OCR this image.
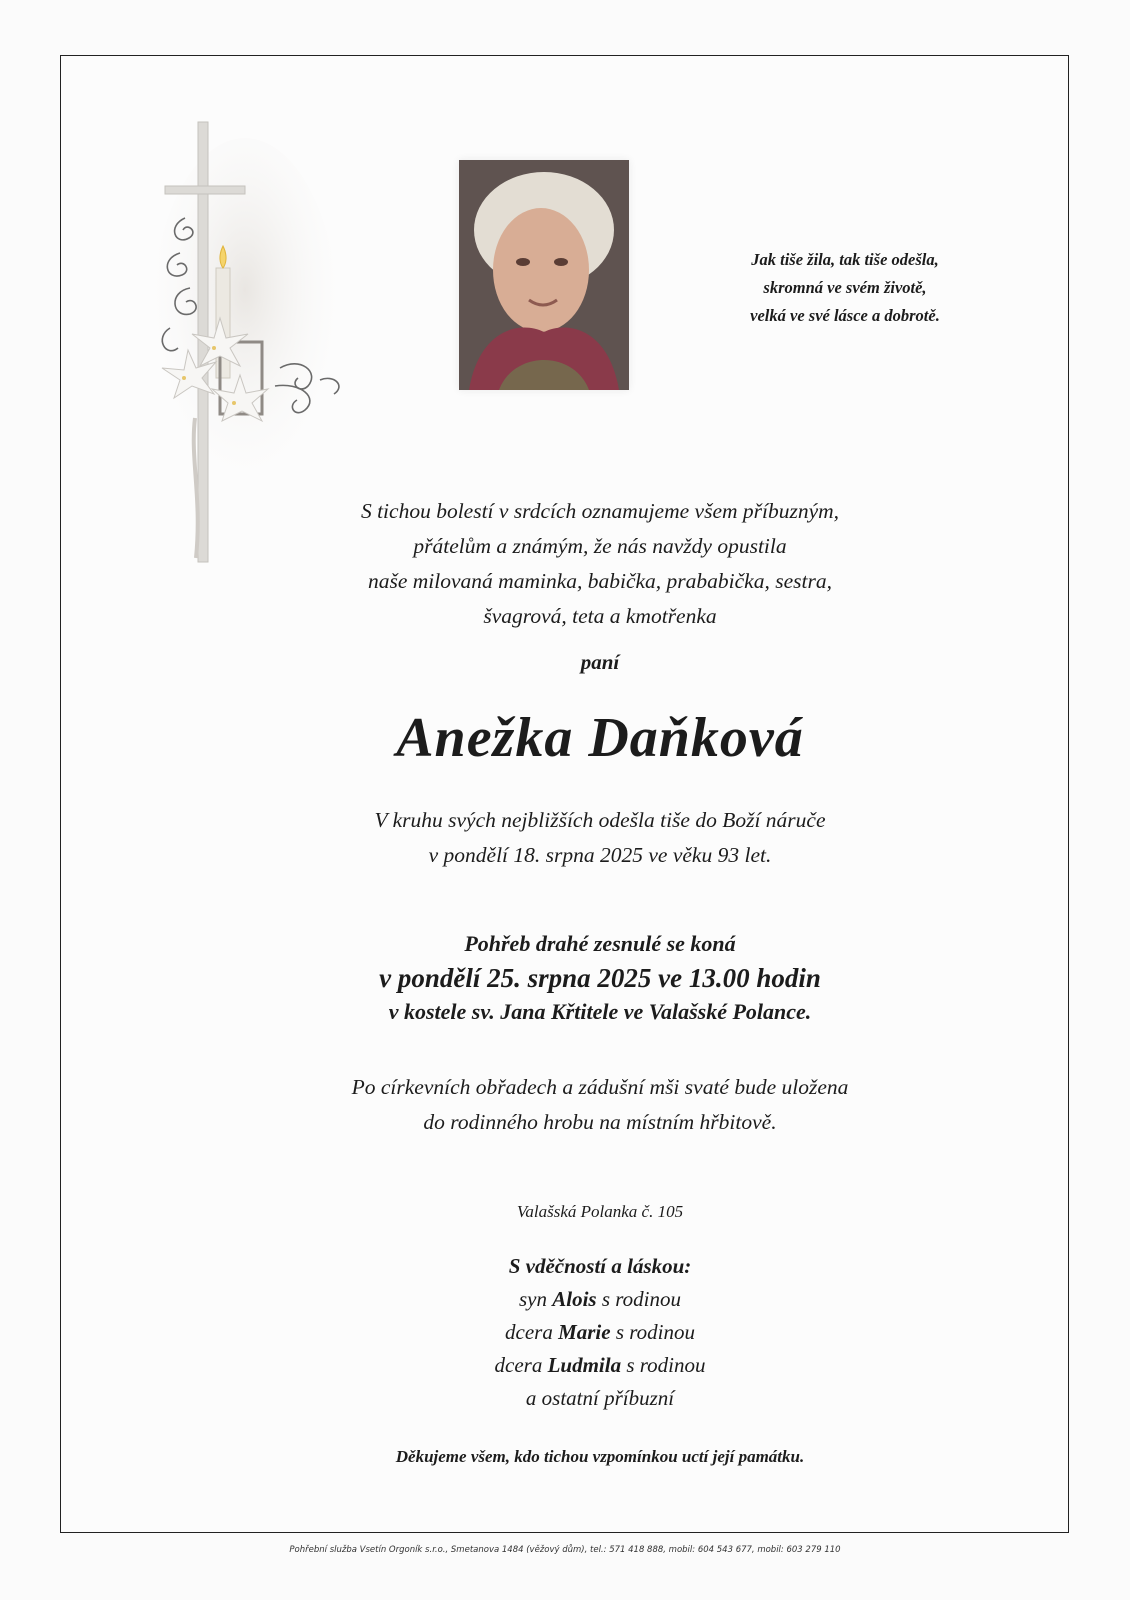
Jak tiše žila, tak tiše odešla,
skromná ve svém životě,
velká ve své lásce a dobrotě.
S tichou bolestí v srdcích oznamujeme všem příbuzným,
přátelům a známým, že nás navždy opustila
naše milovaná maminka, babička, prababička, sestra,
švagrová, teta a kmotřenka
paní
Anežka Daňková
V kruhu svých nejbližších odešla tiše do Boží náruče
v pondělí 18. srpna 2025 ve věku 93 let.
Pohřeb drahé zesnulé se koná
v pondělí 25. srpna 2025 ve 13.00 hodin
v kostele sv. Jana Křtitele ve Valašské Polance.
Po církevních obřadech a zádušní mši svaté bude uložena
do rodinného hrobu na místním hřbitově.
Valašská Polanka č. 105
S vděčností a láskou:
syn Alois s rodinou
dcera Marie s rodinou
dcera Ludmila s rodinou
a ostatní příbuzní
Děkujeme všem, kdo tichou vzpomínkou uctí její památku.
Pohřební služba Vsetín Orgoník s.r.o., Smetanova 1484 (věžový dům), tel.: 571 418 888, mobil: 604 543 677, mobil: 603 279 110
